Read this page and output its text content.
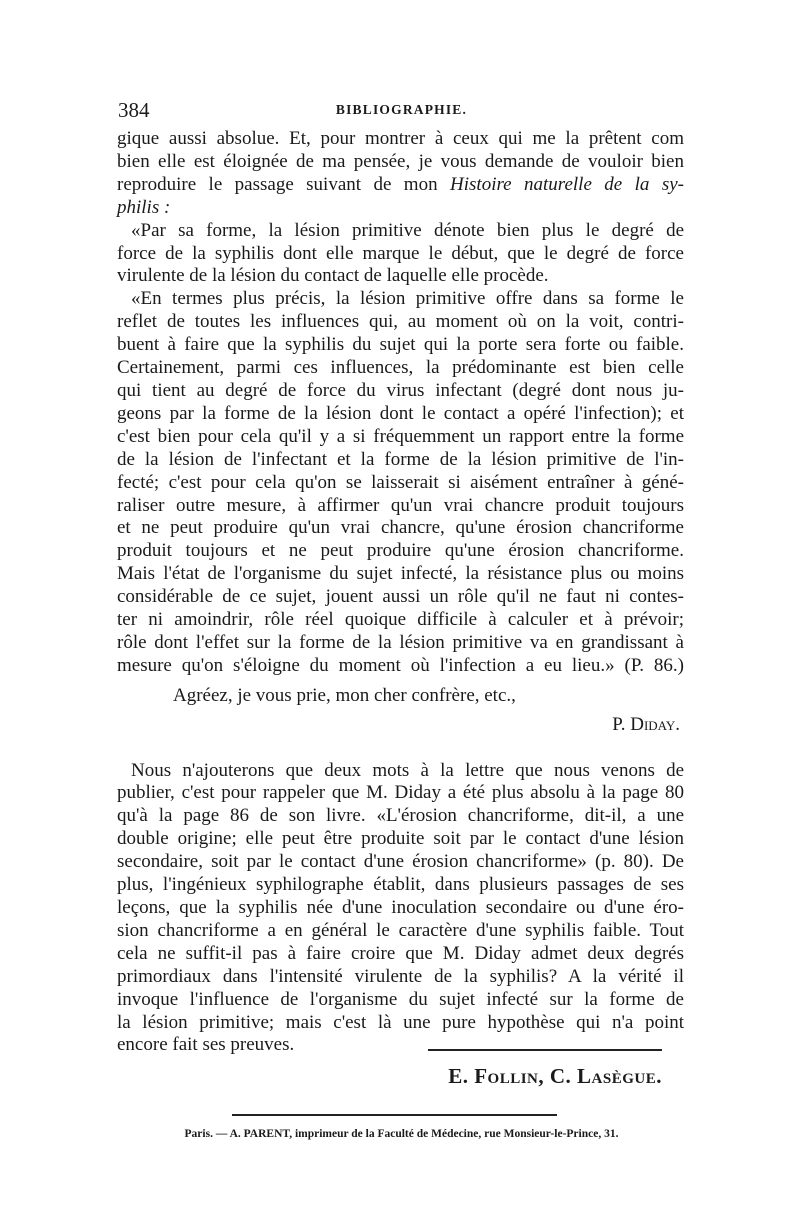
384	BIBLIOGRAPHIE.
gique aussi absolue. Et, pour montrer à ceux qui me la prêtent com
bien elle est éloignée de ma pensée, je vous demande de vouloir bien
reproduire le passage suivant de mon Histoire naturelle de la sy-
philis :
«Par sa forme, la lésion primitive dénote bien plus le degré de
force de la syphilis dont elle marque le début, que le degré de force
virulente de la lésion du contact de laquelle elle procède.
«En termes plus précis, la lésion primitive offre dans sa forme le
reflet de toutes les influences qui, au moment où on la voit, contri-
buent à faire que la syphilis du sujet qui la porte sera forte ou faible.
Certainement, parmi ces influences, la prédominante est bien celle
qui tient au degré de force du virus infectant (degré dont nous ju-
geons par la forme de la lésion dont le contact a opéré l'infection); et
c'est bien pour cela qu'il y a si fréquemment un rapport entre la forme
de la lésion de l'infectant et la forme de la lésion primitive de l'in-
fecté; c'est pour cela qu'on se laisserait si aisément entraîner à géné-
raliser outre mesure, à affirmer qu'un vrai chancre produit toujours
et ne peut produire qu'un vrai chancre, qu'une érosion chancriforme
produit toujours et ne peut produire qu'une érosion chancriforme.
Mais l'état de l'organisme du sujet infecté, la résistance plus ou moins
considérable de ce sujet, jouent aussi un rôle qu'il ne faut ni contes-
ter ni amoindrir, rôle réel quoique difficile à calculer et à prévoir;
rôle dont l'effet sur la forme de la lésion primitive va en grandissant à
mesure qu'on s'éloigne du moment où l'infection a eu lieu.» (P. 86.)
Agréez, je vous prie, mon cher confrère, etc.,
P. Diday.
Nous n'ajouterons que deux mots à la lettre que nous venons de
publier, c'est pour rappeler que M. Diday a été plus absolu à la page 80
qu'à la page 86 de son livre. «L'érosion chancriforme, dit-il, a une
double origine; elle peut être produite soit par le contact d'une lésion
secondaire, soit par le contact d'une érosion chancriforme» (p. 80). De
plus, l'ingénieux syphilographe établit, dans plusieurs passages de ses
leçons, que la syphilis née d'une inoculation secondaire ou d'une éro-
sion chancriforme a en général le caractère d'une syphilis faible. Tout
cela ne suffit-il pas à faire croire que M. Diday admet deux degrés
primordiaux dans l'intensité virulente de la syphilis? A la vérité il
invoque l'influence de l'organisme du sujet infecté sur la forme de
la lésion primitive; mais c'est là une pure hypothèse qui n'a point
encore fait ses preuves.
E. Follin, C. Lasègue.
Paris. — A. PARENT, imprimeur de la Faculté de Médecine, rue Monsieur-le-Prince, 31.
